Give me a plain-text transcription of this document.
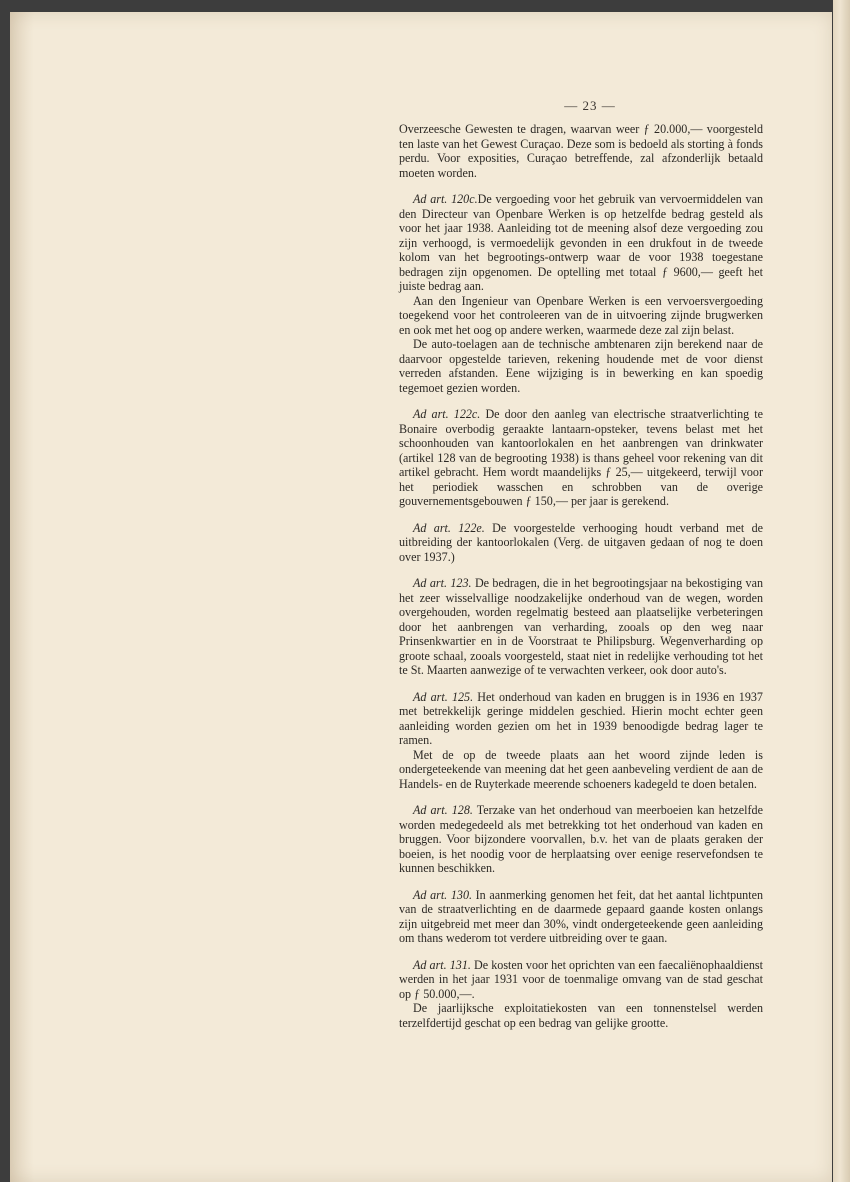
— 23 —

Overzeesche Gewesten te dragen, waarvan weer ƒ 20.000,— voorgesteld ten laste van het Gewest Curaçao. Deze som is bedoeld als storting à fonds perdu. Voor exposities, Curaçao betreffende, zal afzonderlijk betaald moeten worden.

Ad art. 120c.De vergoeding voor het gebruik van vervoermiddelen van den Directeur van Openbare Werken is op hetzelfde bedrag gesteld als voor het jaar 1938. Aanleiding tot de meening alsof deze vergoeding zou zijn verhoogd, is vermoedelijk gevonden in een drukfout in de tweede kolom van het begrootings-ontwerp waar de voor 1938 toegestane bedragen zijn opgenomen. De optelling met totaal ƒ 9600,— geeft het juiste bedrag aan.

Aan den Ingenieur van Openbare Werken is een vervoersvergoeding toegekend voor het controleeren van de in uitvoering zijnde brugwerken en ook met het oog op andere werken, waarmede deze zal zijn belast.

De auto-toelagen aan de technische ambtenaren zijn berekend naar de daarvoor opgestelde tarieven, rekening houdende met de voor dienst verreden afstanden. Eene wijziging is in bewerking en kan spoedig tegemoet gezien worden.

Ad art. 122c. De door den aanleg van electrische straatverlichting te Bonaire overbodig geraakte lantaarn-opsteker, tevens belast met het schoonhouden van kantoorlokalen en het aanbrengen van drinkwater (artikel 128 van de begrooting 1938) is thans geheel voor rekening van dit artikel gebracht. Hem wordt maandelijks ƒ 25,— uitgekeerd, terwijl voor het periodiek wasschen en schrobben van de overige gouvernementsgebouwen ƒ 150,— per jaar is gerekend.

Ad art. 122e. De voorgestelde verhooging houdt verband met de uitbreiding der kantoorlokalen (Verg. de uitgaven gedaan of nog te doen over 1937.)

Ad art. 123. De bedragen, die in het begrootingsjaar na bekostiging van het zeer wisselvallige noodzakelijke onderhoud van de wegen, worden overgehouden, worden regelmatig besteed aan plaatselijke verbeteringen door het aanbrengen van verharding, zooals op den weg naar Prinsenkwartier en in de Voorstraat te Philipsburg. Wegenverharding op groote schaal, zooals voorgesteld, staat niet in redelijke verhouding tot het te St. Maarten aanwezige of te verwachten verkeer, ook door auto's.

Ad art. 125. Het onderhoud van kaden en bruggen is in 1936 en 1937 met betrekkelijk geringe middelen geschied. Hierin mocht echter geen aanleiding worden gezien om het in 1939 benoodigde bedrag lager te ramen.

Met de op de tweede plaats aan het woord zijnde leden is ondergeteekende van meening dat het geen aanbeveling verdient de aan de Handels- en de Ruyterkade meerende schoeners kadegeld te doen betalen.

Ad art. 128. Terzake van het onderhoud van meerboeien kan hetzelfde worden medegedeeld als met betrekking tot het onderhoud van kaden en bruggen. Voor bijzondere voorvallen, b.v. het van de plaats geraken der boeien, is het noodig voor de herplaatsing over eenige reservefondsen te kunnen beschikken.

Ad art. 130. In aanmerking genomen het feit, dat het aantal lichtpunten van de straatverlichting en de daarmede gepaard gaande kosten onlangs zijn uitgebreid met meer dan 30%, vindt ondergeteekende geen aanleiding om thans wederom tot verdere uitbreiding over te gaan.

Ad art. 131. De kosten voor het oprichten van een faecaliënophaaldienst werden in het jaar 1931 voor de toenmalige omvang van de stad geschat op ƒ 50.000,—.

De jaarlijksche exploitatiekosten van een tonnenstelsel werden terzelfdertijd geschat op een bedrag van gelijke grootte.
